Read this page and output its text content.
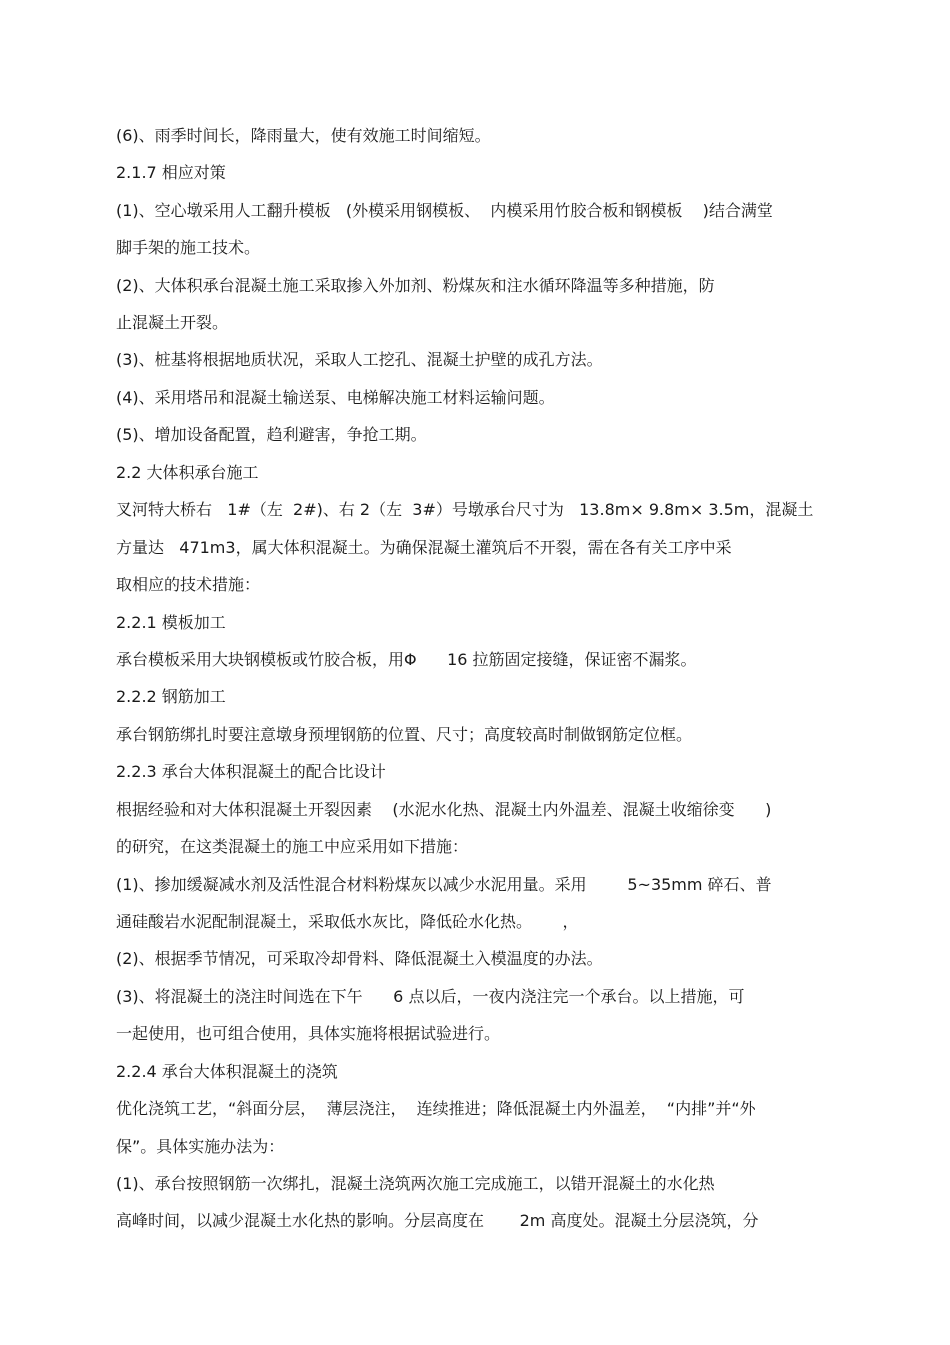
(6)、雨季时间长，降雨量大，使有效施工时间缩短。
2.1.7 相应对策
(1)、空心墩采用人工翻升模板   (外模采用钢模板、  内模采用竹胶合板和钢模板    )结合满堂
脚手架的施工技术。
(2)、大体积承台混凝土施工采取掺入外加剂、粉煤灰和注水循环降温等多种措施，防
止混凝土开裂。
(3)、桩基将根据地质状况，采取人工挖孔、混凝土护壁的成孔方法。
(4)、采用塔吊和混凝土输送泵、电梯解决施工材料运输问题。
(5)、增加设备配置，趋利避害，争抢工期。
2.2 大体积承台施工
叉河特大桥右   1#（左  2#)、右 2（左  3#）号墩承台尺寸为   13.8m× 9.8m× 3.5m，混凝土
方量达   471m3，属大体积混凝土。为确保混凝土灌筑后不开裂，需在各有关工序中采
取相应的技术措施：
2.2.1 模板加工
承台模板采用大块钢模板或竹胶合板，用Φ      16 拉筋固定接缝，保证密不漏浆。
2.2.2 钢筋加工
承台钢筋绑扎时要注意墩身预埋钢筋的位置、尺寸；高度较高时制做钢筋定位框。
2.2.3 承台大体积混凝土的配合比设计
根据经验和对大体积混凝土开裂因素    (水泥水化热、混凝土内外温差、混凝土收缩徐变      )
的研究，在这类混凝土的施工中应采用如下措施：
(1)、掺加缓凝减水剂及活性混合材料粉煤灰以减少水泥用量。采用        5~35mm 碎石、普
通硅酸岩水泥配制混凝土，采取低水灰比，降低砼水化热。      ，
(2)、根据季节情况，可采取冷却骨料、降低混凝土入模温度的办法。
(3)、将混凝土的浇注时间选在下午      6 点以后，一夜内浇注完一个承台。以上措施，可
一起使用，也可组合使用，具体实施将根据试验进行。
2.2.4 承台大体积混凝土的浇筑
优化浇筑工艺，“斜面分层，  薄层浇注，  连续推进；降低混凝土内外温差，  “内排”并“外
保”。具体实施办法为：
(1)、承台按照钢筋一次绑扎，混凝土浇筑两次施工完成施工，以错开混凝土的水化热
高峰时间，以减少混凝土水化热的影响。分层高度在       2m 高度处。混凝土分层浇筑，分
